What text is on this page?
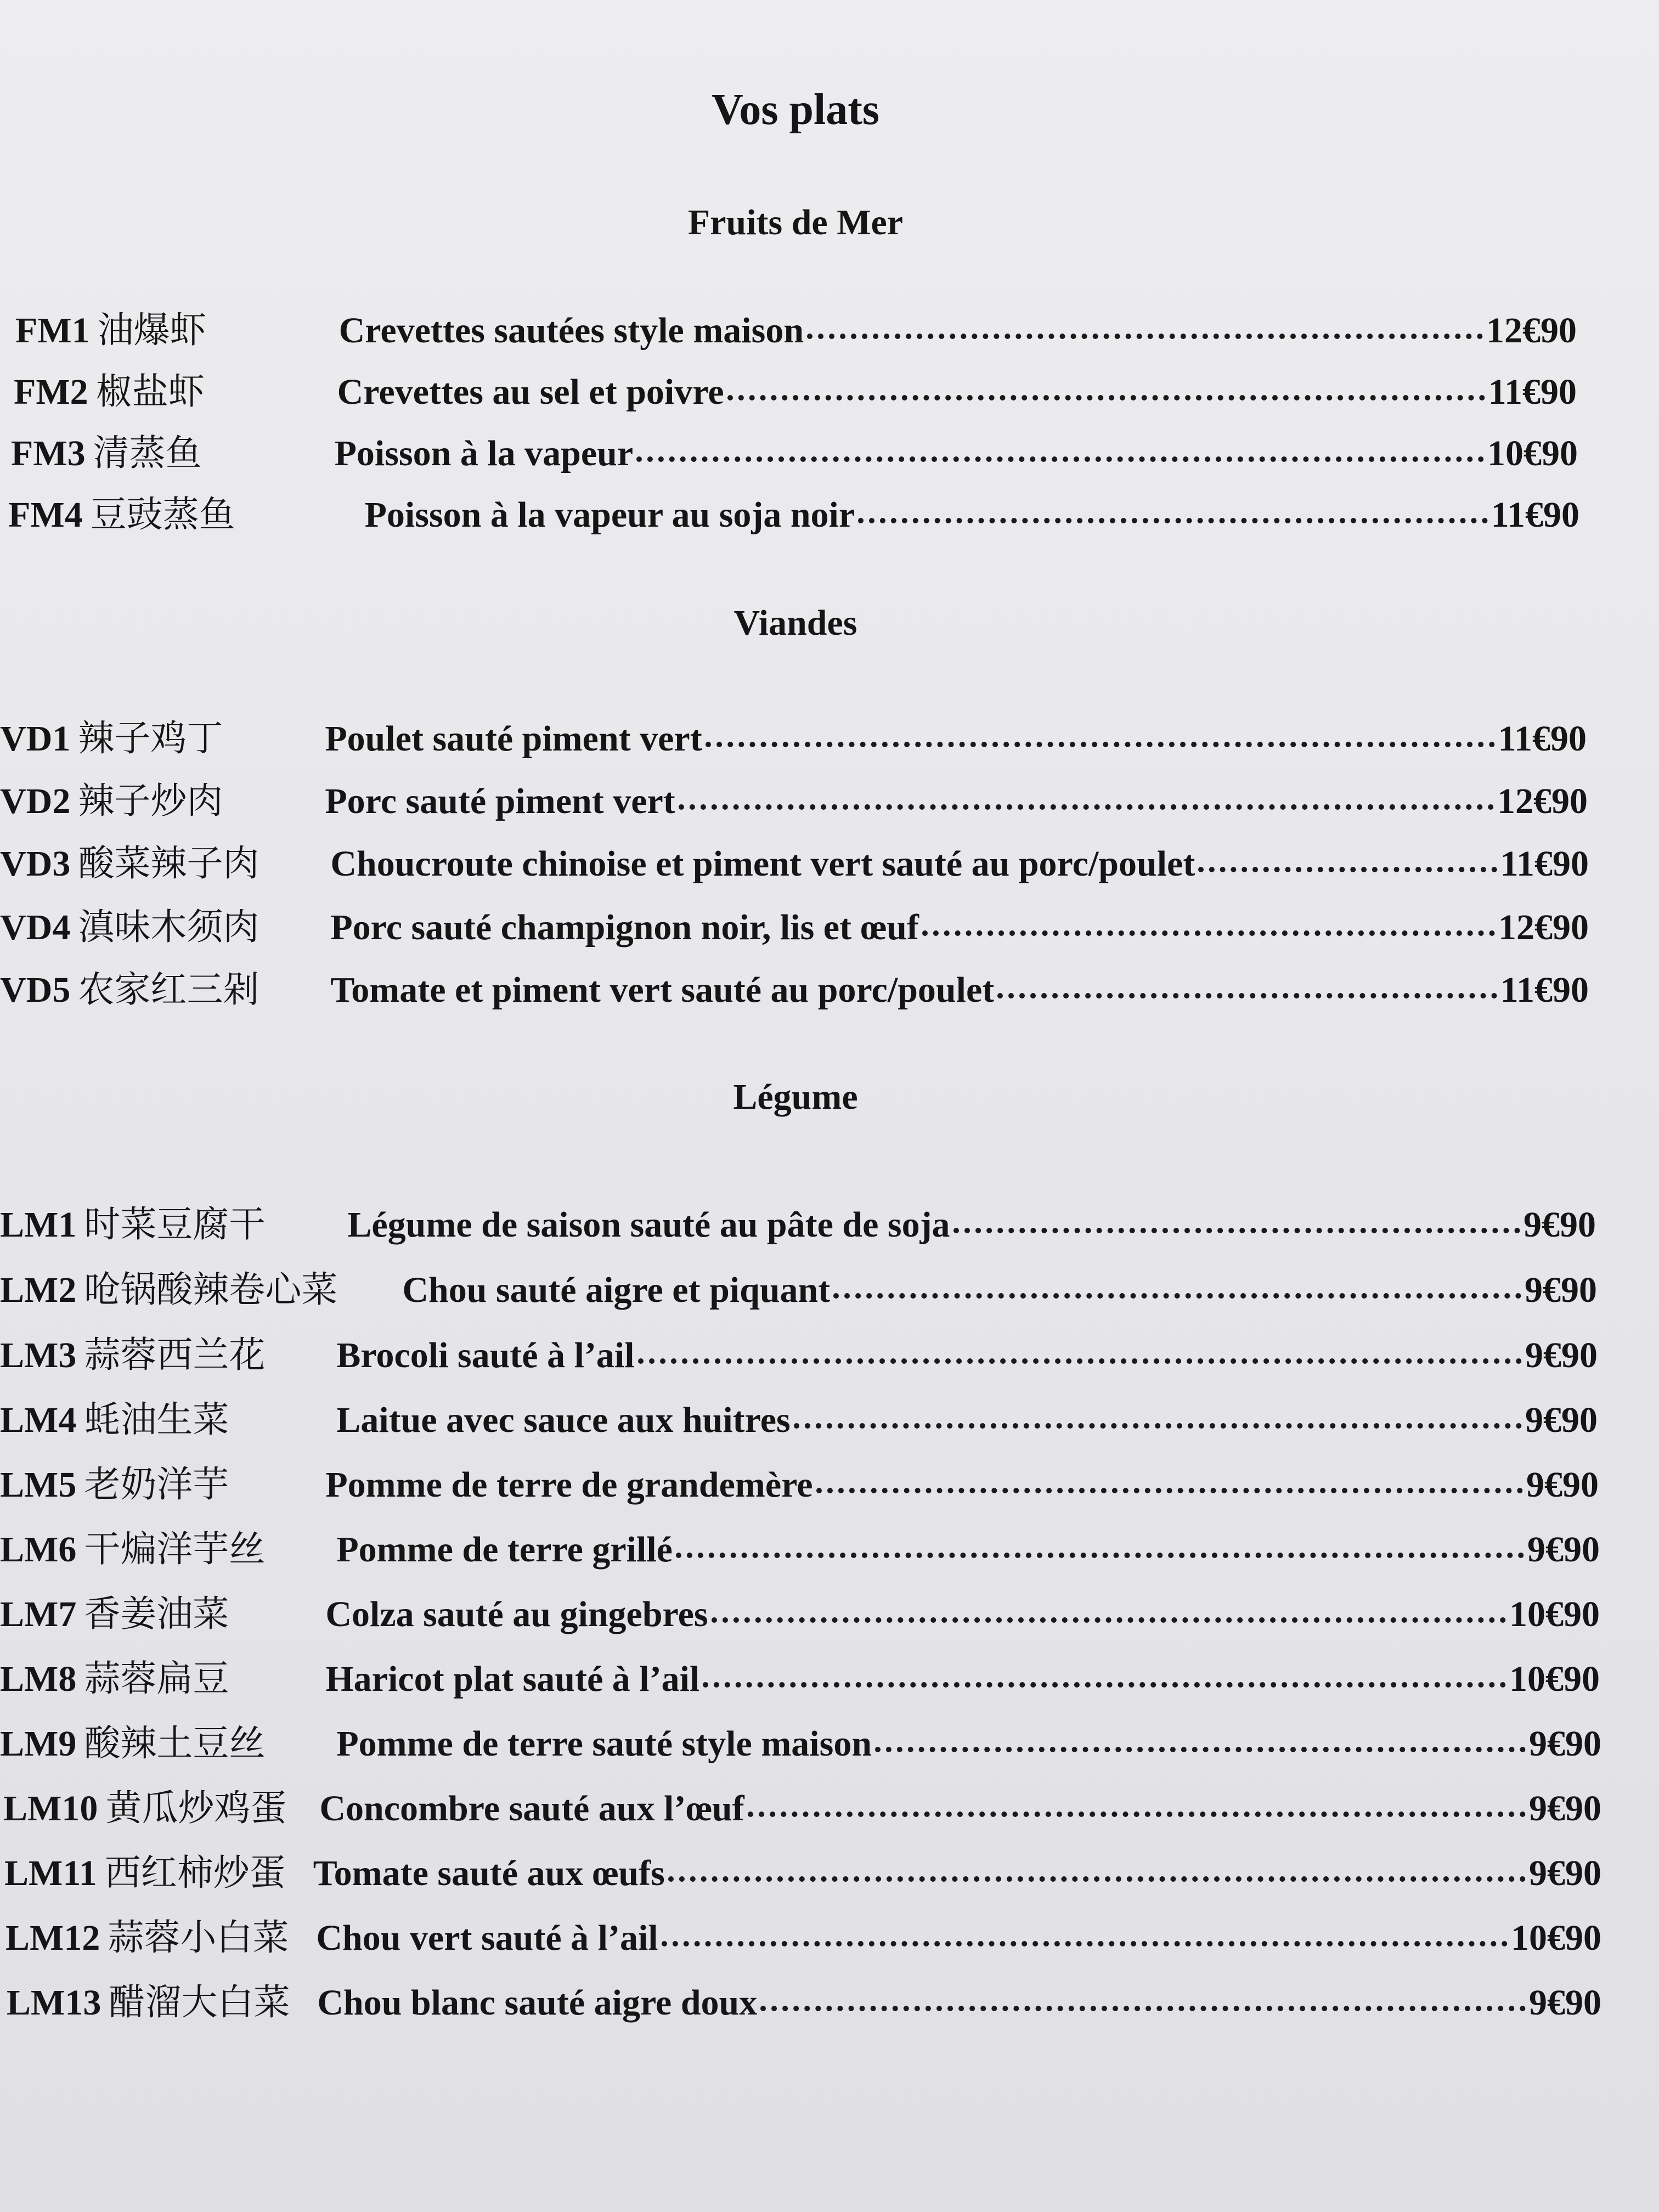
Vos plats
Fruits de Mer
FM1 油爆虾	Crevettes sautées style maison	12€90
FM2 椒盐虾	Crevettes au sel et poivre	11€90
FM3 清蒸鱼	Poisson à la vapeur	10€90
FM4 豆豉蒸鱼	Poisson à la vapeur au soja noir	11€90
Viandes
VD1 辣子鸡丁	Poulet sauté piment vert	11€90
VD2 辣子炒肉	Porc sauté piment vert	12€90
VD3 酸菜辣子肉	Choucroute chinoise et piment vert sauté au porc/poulet	11€90
VD4 滇味木须肉	Porc sauté champignon noir, lis et œuf	12€90
VD5 农家红三剁	Tomate et piment vert sauté au porc/poulet	11€90
Légume
LM1 时菜豆腐干	Légume de saison sauté au pâte de soja	9€90
LM2 呛锅酸辣卷心菜	Chou sauté aigre et piquant	9€90
LM3 蒜蓉西兰花	Brocoli sauté à l’ail	9€90
LM4 蚝油生菜	Laitue avec sauce aux huitres	9€90
LM5 老奶洋芋	Pomme de terre de grandemère	9€90
LM6 干煸洋芋丝	Pomme de terre grillé	9€90
LM7 香姜油菜	Colza sauté au gingebres	10€90
LM8 蒜蓉扁豆	Haricot plat sauté à l’ail	10€90
LM9 酸辣土豆丝	Pomme de terre sauté style maison	9€90
LM10 黄瓜炒鸡蛋 Concombre sauté aux l’œuf	9€90
LM11 西红柿炒蛋 Tomate sauté aux œufs	9€90
LM12 蒜蓉小白菜 Chou vert sauté à l’ail	10€90
LM13 醋溜大白菜 Chou blanc sauté aigre doux	9€90
